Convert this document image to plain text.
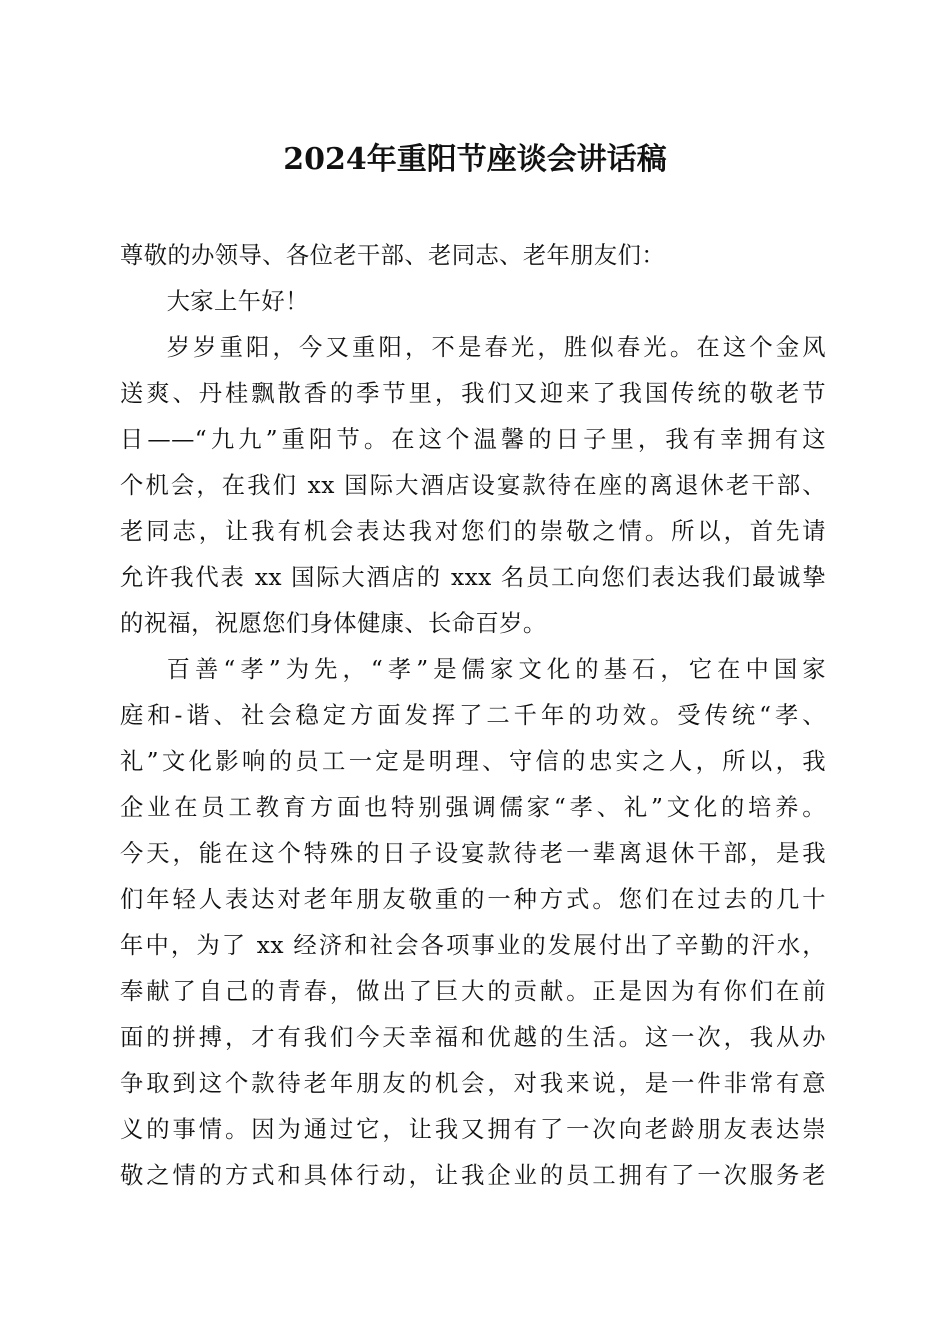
2024年重阳节座谈会讲话稿

尊敬的办领导、各位老干部、老同志、老年朋友们：

大家上午好！

岁岁重阳，今又重阳，不是春光，胜似春光。在这个金风
送爽、丹桂飘散香的季节里，我们又迎来了我国传统的敬老节
日——“九九”重阳节。在这个温馨的日子里，我有幸拥有这
个机会，在我们 xx 国际大酒店设宴款待在座的离退休老干部、
老同志，让我有机会表达我对您们的崇敬之情。所以，首先请
允许我代表 xx 国际大酒店的 xxx 名员工向您们表达我们最诚挚
的祝福，祝愿您们身体健康、长命百岁。

百善“孝”为先，“孝”是儒家文化的基石，它在中国家
庭和-谐、社会稳定方面发挥了二千年的功效。受传统“孝、
礼”文化影响的员工一定是明理、守信的忠实之人，所以，我
企业在员工教育方面也特别强调儒家“孝、礼”文化的培养。
今天，能在这个特殊的日子设宴款待老一辈离退休干部，是我
们年轻人表达对老年朋友敬重的一种方式。您们在过去的几十
年中，为了 xx 经济和社会各项事业的发展付出了辛勤的汗水，
奉献了自己的青春，做出了巨大的贡献。正是因为有你们在前
面的拼搏，才有我们今天幸福和优越的生活。这一次，我从办
争取到这个款待老年朋友的机会，对我来说，是一件非常有意
义的事情。因为通过它，让我又拥有了一次向老龄朋友表达崇
敬之情的方式和具体行动，让我企业的员工拥有了一次服务老
